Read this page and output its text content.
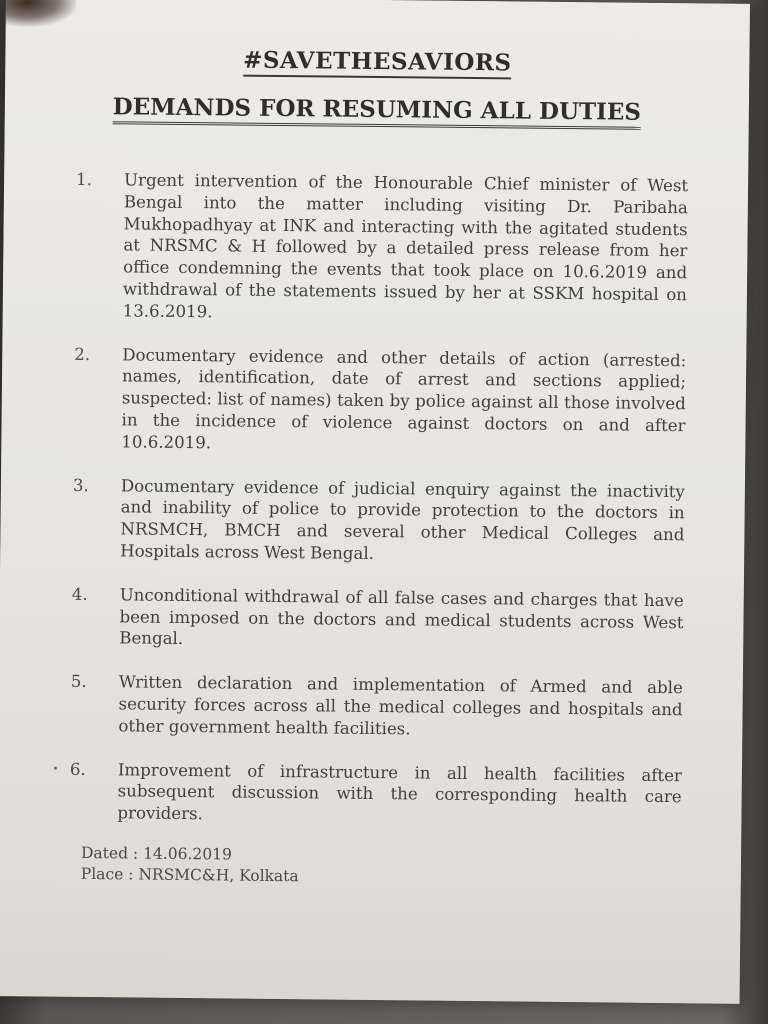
#SAVETHESAVIORS
DEMANDS FOR RESUMING ALL DUTIES
1.	Urgent intervention of the Honourable Chief minister of West Bengal into the matter including visiting Dr. Paribaha Mukhopadhyay at INK and interacting with the agitated students at NRSMC & H followed by a detailed press release from her office condemning the events that took place on 10.6.2019 and withdrawal of the statements issued by her at SSKM hospital on 13.6.2019.
2.	Documentary evidence and other details of action (arrested: names, identification, date of arrest and sections applied; suspected: list of names) taken by police against all those involved in the incidence of violence against doctors on and after 10.6.2019.
3.	Documentary evidence of judicial enquiry against the inactivity and inability of police to provide protection to the doctors in NRSMCH, BMCH and several other Medical Colleges and Hospitals across West Bengal.
4.	Unconditional withdrawal of all false cases and charges that have been imposed on the doctors and medical students across West Bengal.
5.	Written declaration and implementation of Armed and able security forces across all the medical colleges and hospitals and other government health facilities.
6.	Improvement of infrastructure in all health facilities after subsequent discussion with the corresponding health care providers.
Dated : 14.06.2019
Place : NRSMC&H, Kolkata
